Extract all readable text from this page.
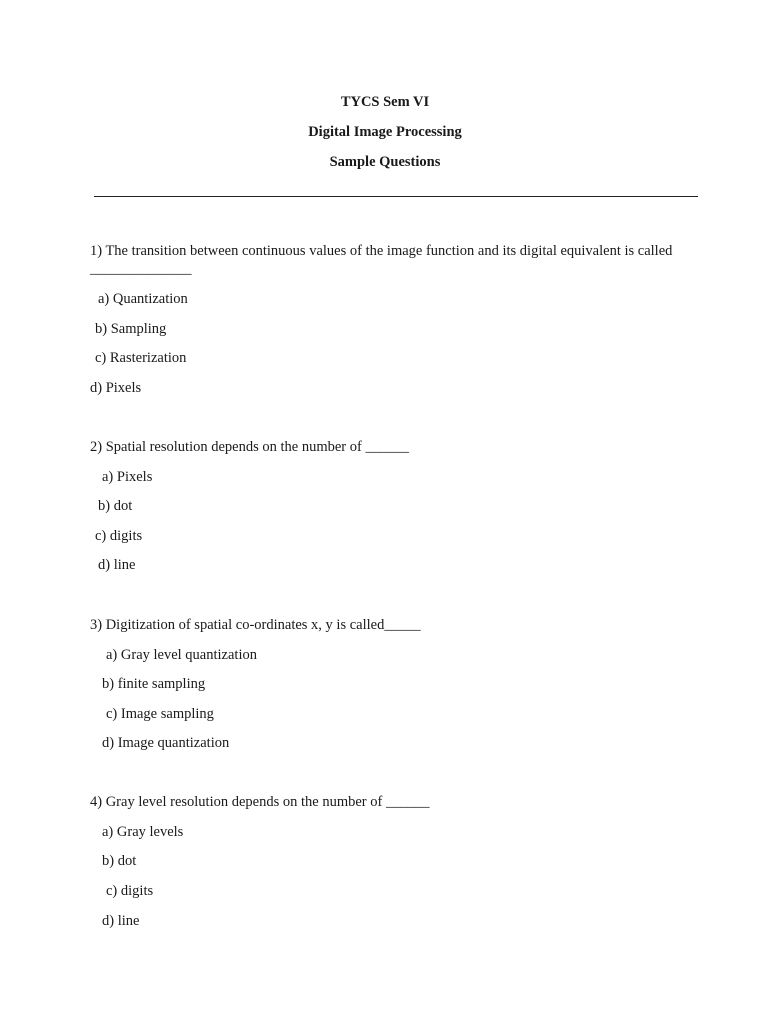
TYCS Sem VI
Digital Image Processing
Sample Questions
1) The transition between continuous values of the image function and its digital equivalent is called
______________
a) Quantization
b) Sampling
c) Rasterization
d) Pixels
2) Spatial resolution depends on the number of ______
a) Pixels
b) dot
c) digits
d) line
3) Digitization of spatial co-ordinates x, y is called_____
a) Gray level quantization
b) finite sampling
c) Image sampling
d) Image quantization
4) Gray level resolution depends on the number of ______
a) Gray levels
b) dot
c) digits
d) line
